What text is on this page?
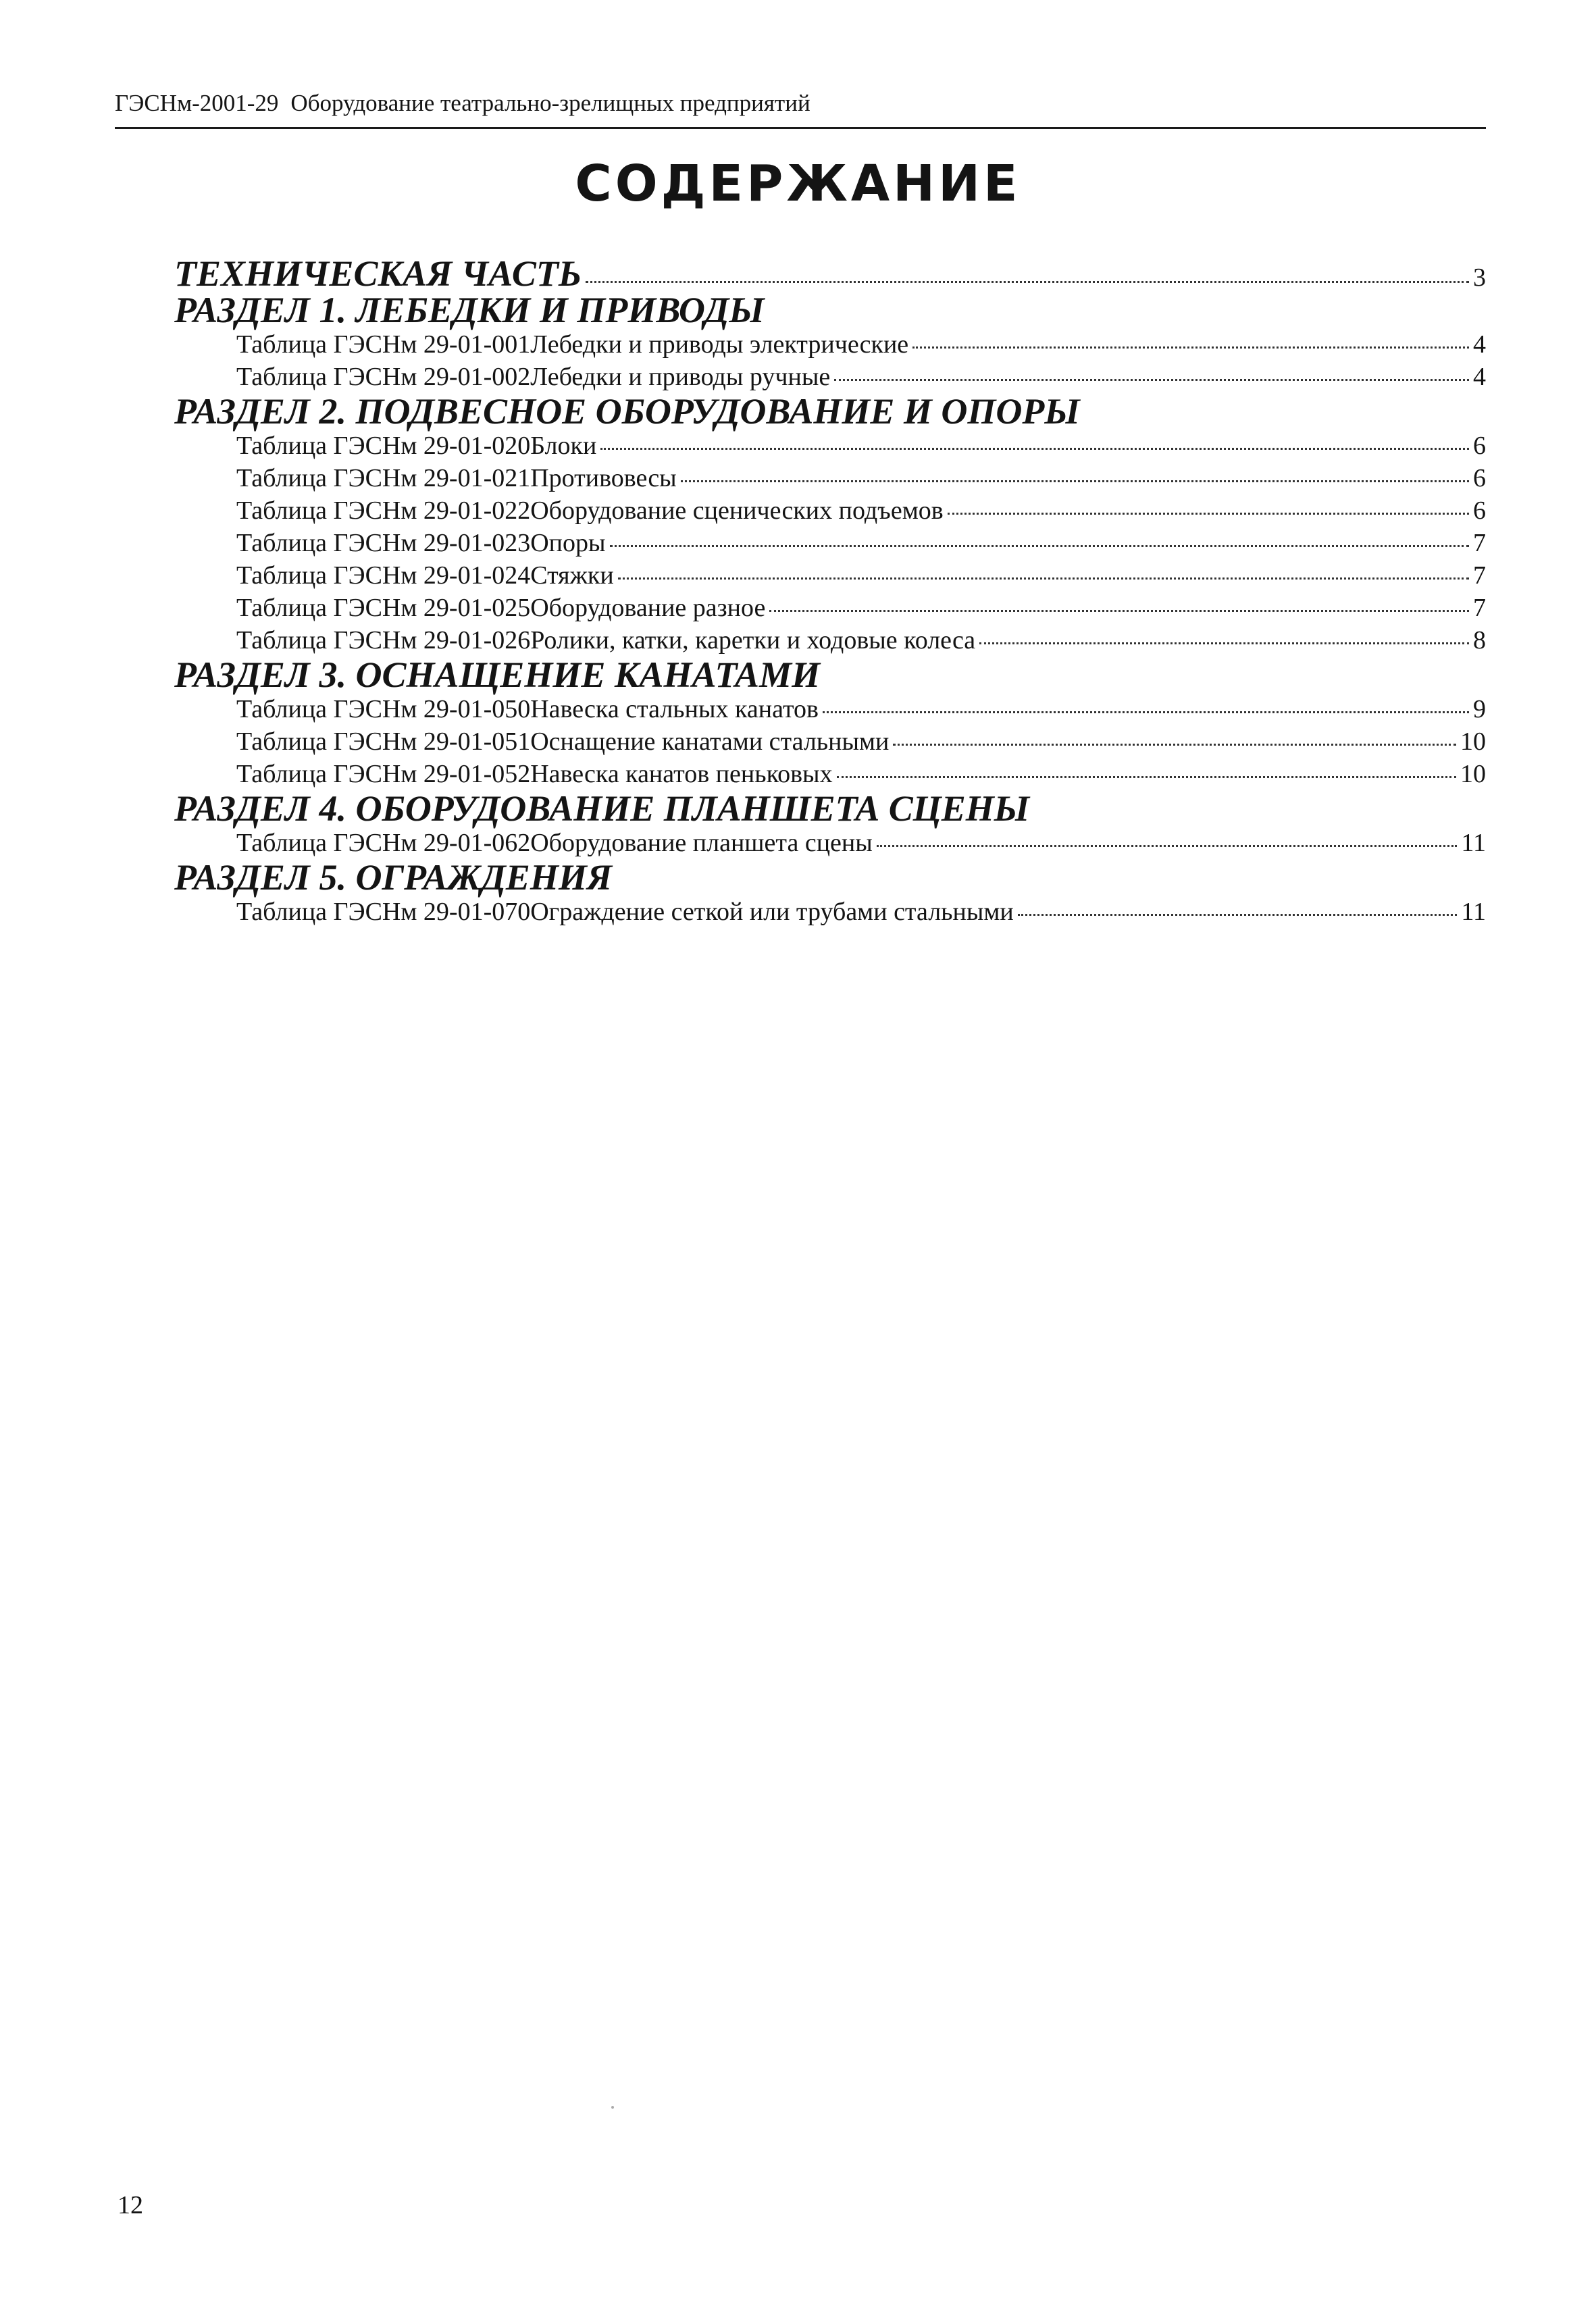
ГЭСНм-2001-29 Оборудование театрально-зрелищных предприятий
СОДЕРЖАНИЕ
ТЕХНИЧЕСКАЯ ЧАСТЬ	3
РАЗДЕЛ 1. ЛЕБЕДКИ И ПРИВОДЫ
Таблица ГЭСНм 29-01-001 Лебедки и приводы электрические	4
Таблица ГЭСНм 29-01-002 Лебедки и приводы ручные	4
РАЗДЕЛ 2. ПОДВЕСНОЕ ОБОРУДОВАНИЕ И ОПОРЫ
Таблица ГЭСНм 29-01-020 Блоки	6
Таблица ГЭСНм 29-01-021 Противовесы	6
Таблица ГЭСНм 29-01-022 Оборудование сценических подъемов	6
Таблица ГЭСНм 29-01-023 Опоры	7
Таблица ГЭСНм 29-01-024 Стяжки	7
Таблица ГЭСНм 29-01-025 Оборудование разное	7
Таблица ГЭСНм 29-01-026 Ролики, катки, каретки и ходовые колеса	8
РАЗДЕЛ 3. ОСНАЩЕНИЕ КАНАТАМИ
Таблица ГЭСНм 29-01-050 Навеска стальных канатов	9
Таблица ГЭСНм 29-01-051 Оснащение канатами стальными	10
Таблица ГЭСНм 29-01-052 Навеска канатов пеньковых	10
РАЗДЕЛ 4. ОБОРУДОВАНИЕ ПЛАНШЕТА СЦЕНЫ
Таблица ГЭСНм 29-01-062 Оборудование планшета сцены	11
РАЗДЕЛ 5. ОГРАЖДЕНИЯ
Таблица ГЭСНм 29-01-070 Ограждение сеткой или трубами стальными	11
12
